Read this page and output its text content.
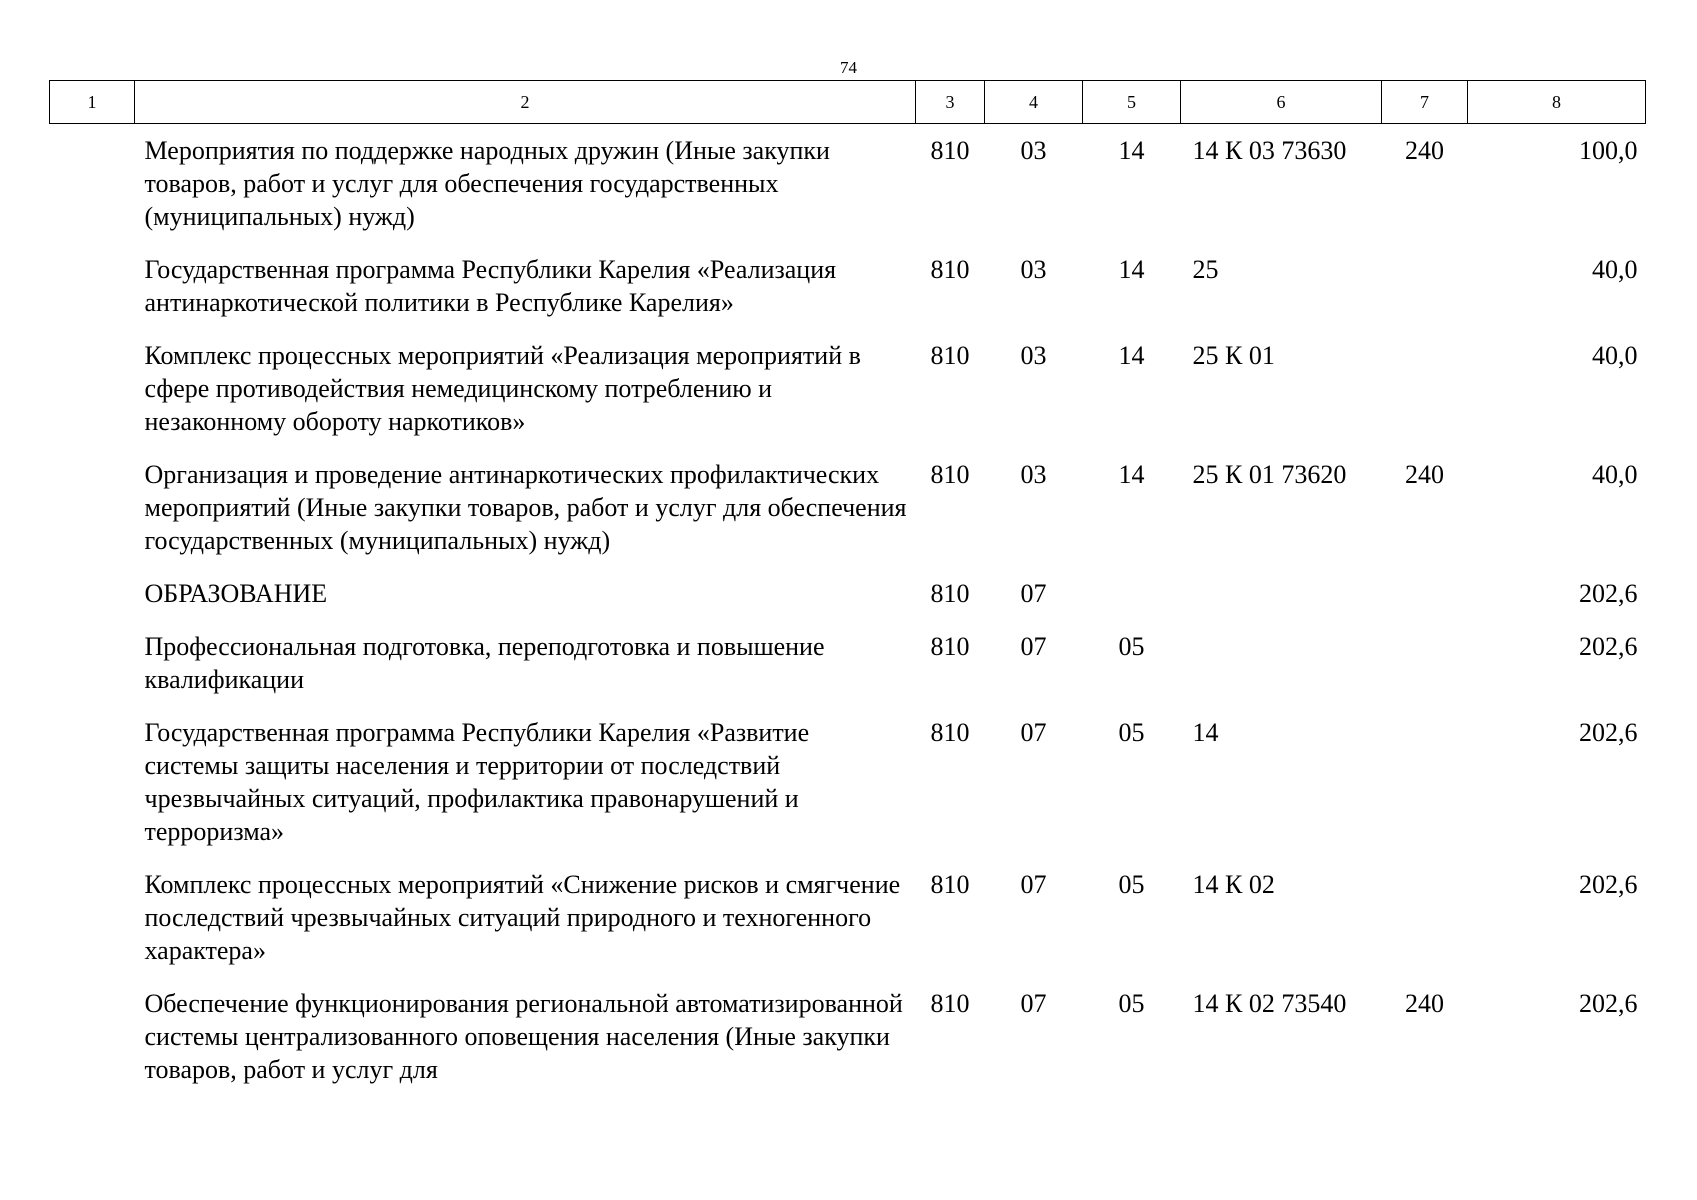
74
1	2	3	4	5	6	7	8
	Мероприятия по поддержке народных дружин (Иные закупки товаров, работ и услуг для обеспечения государственных (муниципальных) нужд)	810	03	14	14 К 03 73630	240	100,0
	Государственная программа Республики Карелия «Реализация антинаркотической политики в Республике Карелия»	810	03	14	25		40,0
	Комплекс процессных мероприятий «Реализация мероприятий в сфере противодействия немедицинскому потреблению и незаконному обороту наркотиков»	810	03	14	25 К 01		40,0
	Организация и проведение антинаркотических профилактических мероприятий (Иные закупки товаров, работ и услуг для обеспечения государственных (муниципальных) нужд)	810	03	14	25 К 01 73620	240	40,0
	ОБРАЗОВАНИЕ	810	07				202,6
	Профессиональная подготовка, переподготовка и повышение квалификации	810	07	05			202,6
	Государственная программа Республики Карелия «Развитие системы защиты населения и территории от последствий чрезвычайных ситуаций, профилактика правонарушений и терроризма»	810	07	05	14		202,6
	Комплекс процессных мероприятий «Снижение рисков и смягчение последствий чрезвычайных ситуаций природного и техногенного характера»	810	07	05	14 К 02		202,6
	Обеспечение функционирования региональной автоматизированной системы централизованного оповещения населения (Иные закупки товаров, работ и услуг для	810	07	05	14 К 02 73540	240	202,6
